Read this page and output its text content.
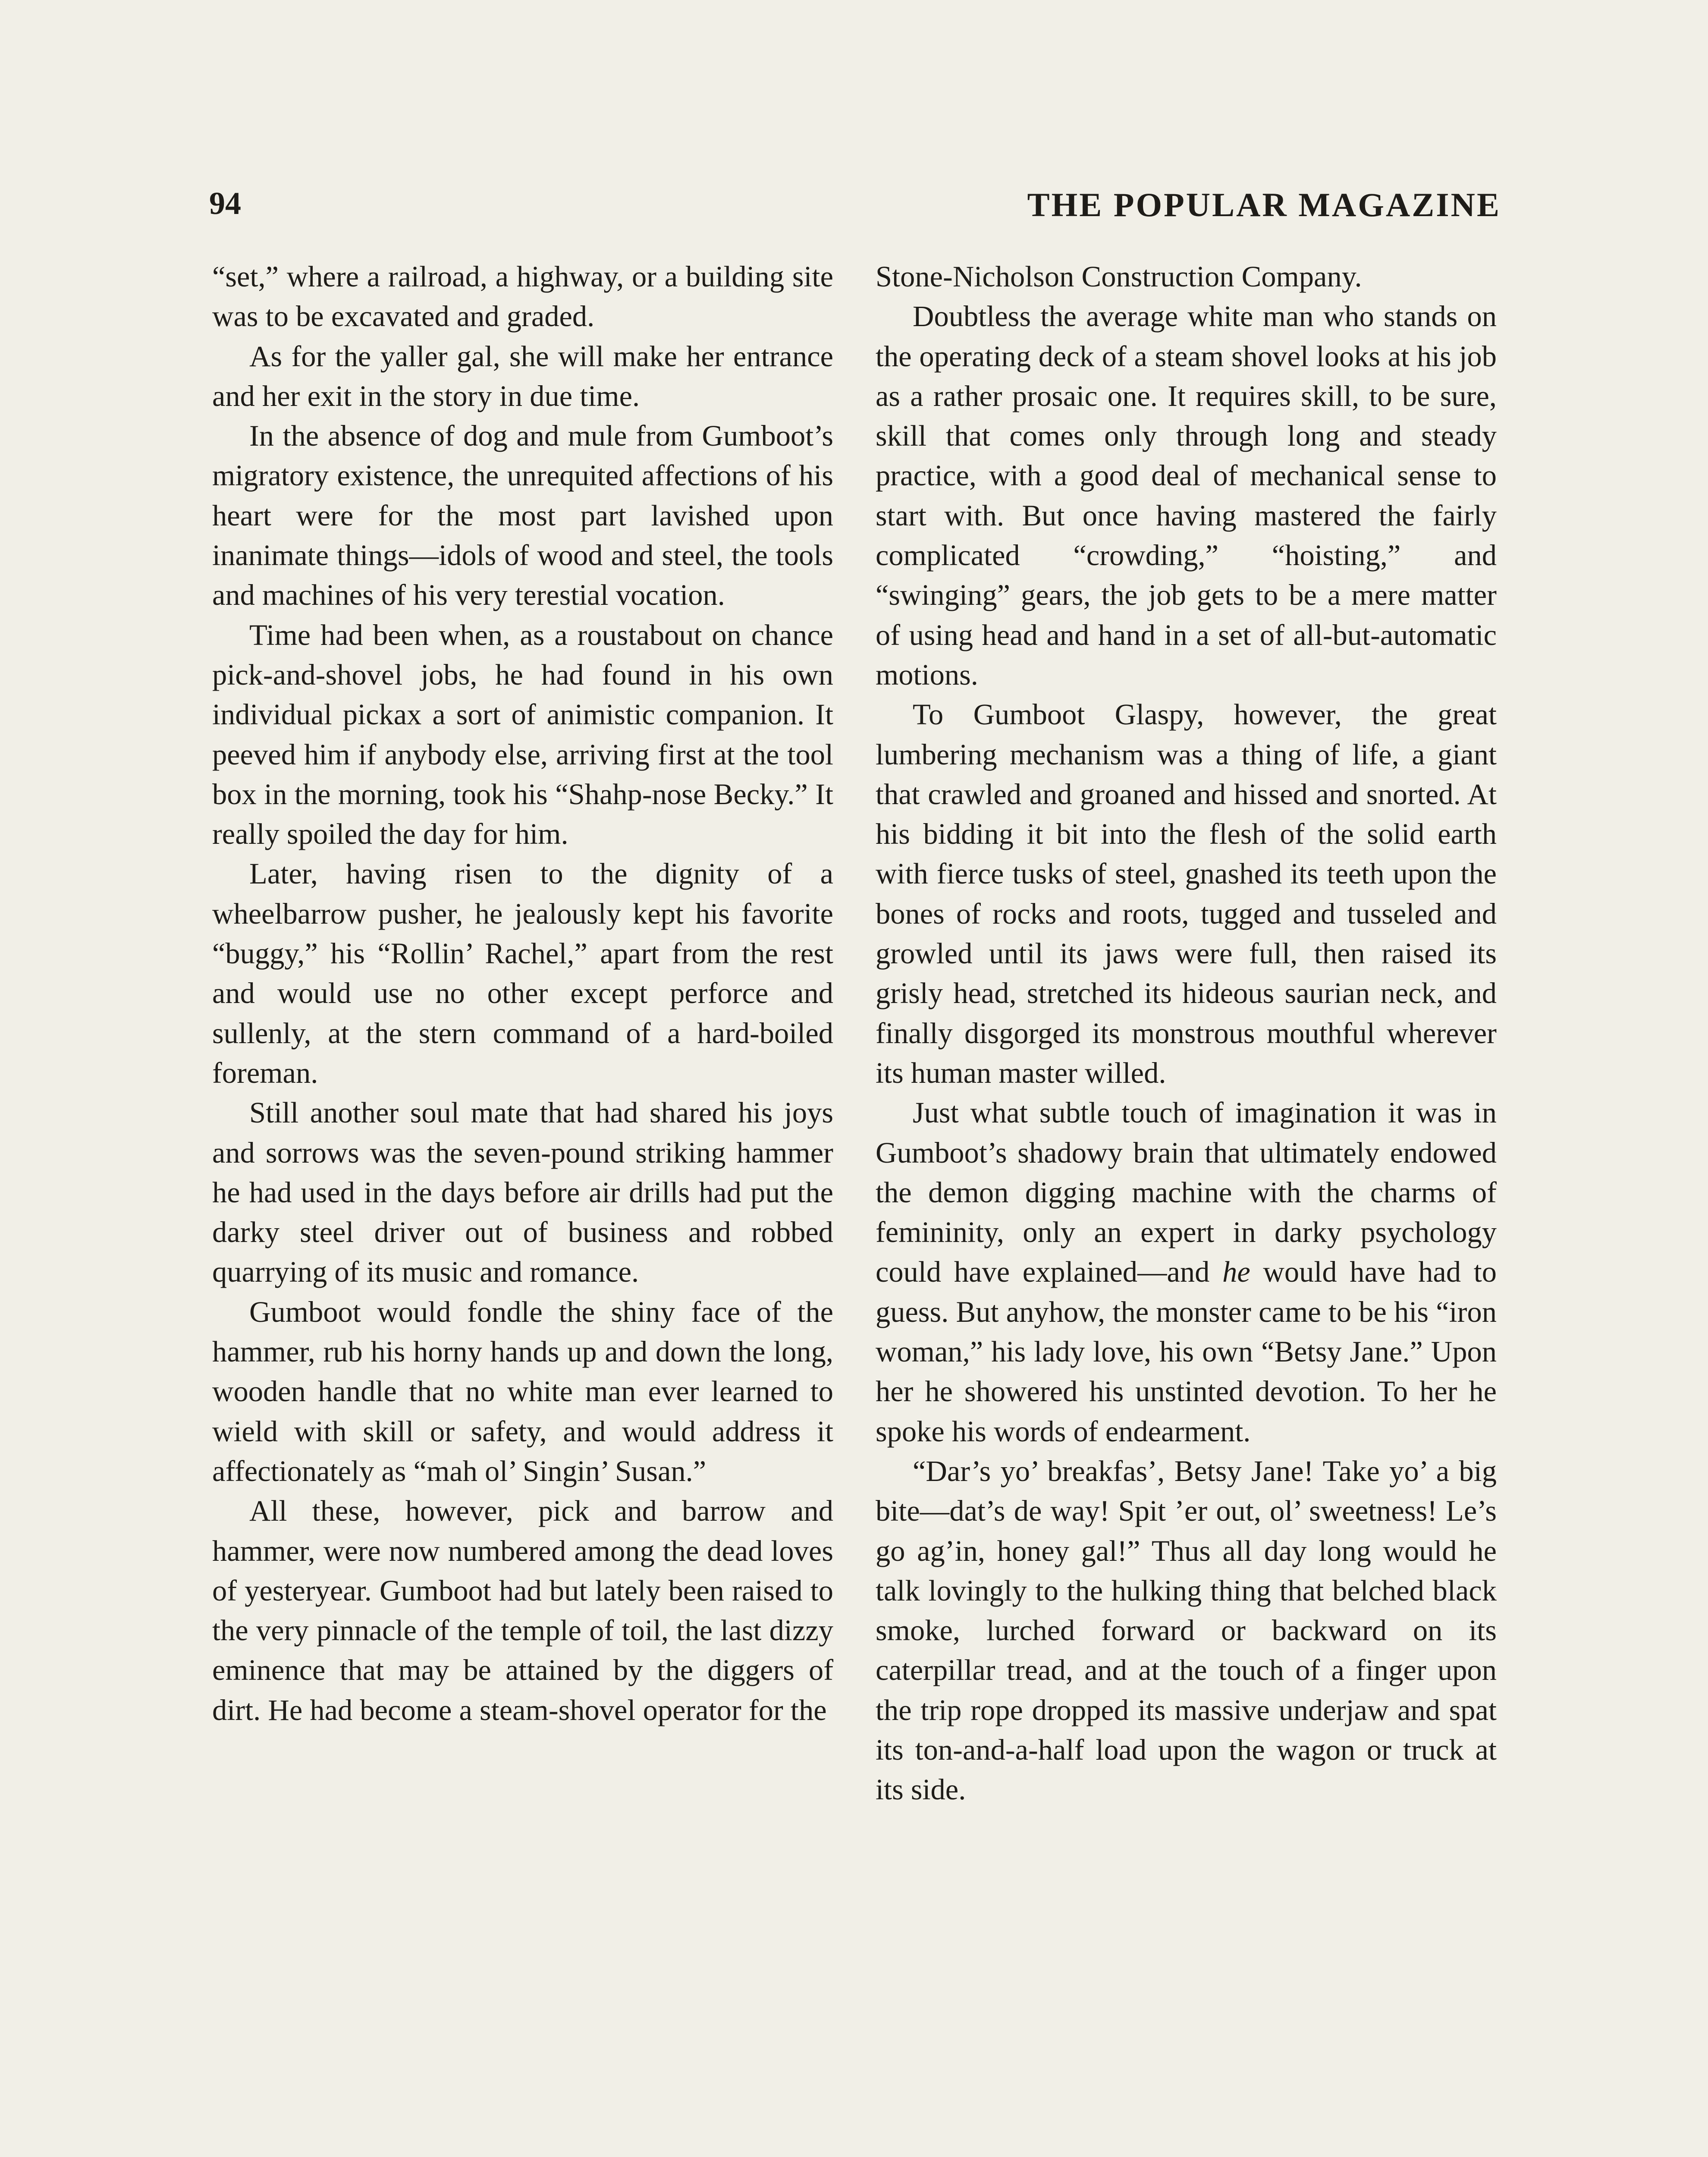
94	THE POPULAR MAGAZINE

“set,” where a railroad, a highway, or a building site was to be excavated and graded.

As for the yaller gal, she will make her entrance and her exit in the story in due time.

In the absence of dog and mule from Gumboot’s migratory existence, the unrequited affections of his heart were for the most part lavished upon inanimate things—idols of wood and steel, the tools and machines of his very terestial vocation.

Time had been when, as a roustabout on chance pick-and-shovel jobs, he had found in his own individual pickax a sort of animistic companion. It peeved him if anybody else, arriving first at the tool box in the morning, took his “Shahp-nose Becky.” It really spoiled the day for him.

Later, having risen to the dignity of a wheelbarrow pusher, he jealously kept his favorite “buggy,” his “Rollin’ Rachel,” apart from the rest and would use no other except perforce and sullenly, at the stern command of a hard-boiled foreman.

Still another soul mate that had shared his joys and sorrows was the seven-pound striking hammer he had used in the days before air drills had put the darky steel driver out of business and robbed quarrying of its music and romance.

Gumboot would fondle the shiny face of the hammer, rub his horny hands up and down the long, wooden handle that no white man ever learned to wield with skill or safety, and would address it affectionately as “mah ol’ Singin’ Susan.”

All these, however, pick and barrow and hammer, were now numbered among the dead loves of yesteryear. Gumboot had but lately been raised to the very pinnacle of the temple of toil, the last dizzy eminence that may be attained by the diggers of dirt. He had become a steam-shovel operator for the

Stone-Nicholson Construction Company.

Doubtless the average white man who stands on the operating deck of a steam shovel looks at his job as a rather prosaic one. It requires skill, to be sure, skill that comes only through long and steady practice, with a good deal of mechanical sense to start with. But once having mastered the fairly complicated “crowding,” “hoisting,” and “swinging” gears, the job gets to be a mere matter of using head and hand in a set of all-but-automatic motions.

To Gumboot Glaspy, however, the great lumbering mechanism was a thing of life, a giant that crawled and groaned and hissed and snorted. At his bidding it bit into the flesh of the solid earth with fierce tusks of steel, gnashed its teeth upon the bones of rocks and roots, tugged and tusseled and growled until its jaws were full, then raised its grisly head, stretched its hideous saurian neck, and finally disgorged its monstrous mouthful wherever its human master willed.

Just what subtle touch of imagination it was in Gumboot’s shadowy brain that ultimately endowed the demon digging machine with the charms of femininity, only an expert in darky psychology could have explained—and he would have had to guess. But anyhow, the monster came to be his “iron woman,” his lady love, his own “Betsy Jane.” Upon her he showered his unstinted devotion. To her he spoke his words of endearment.

“Dar’s yo’ breakfas’, Betsy Jane! Take yo’ a big bite—dat’s de way! Spit ’er out, ol’ sweetness! Le’s go ag’in, honey gal!” Thus all day long would he talk lovingly to the hulking thing that belched black smoke, lurched forward or backward on its caterpillar tread, and at the touch of a finger upon the trip rope dropped its massive underjaw and spat its ton-and-a-half load upon the wagon or truck at its side.
